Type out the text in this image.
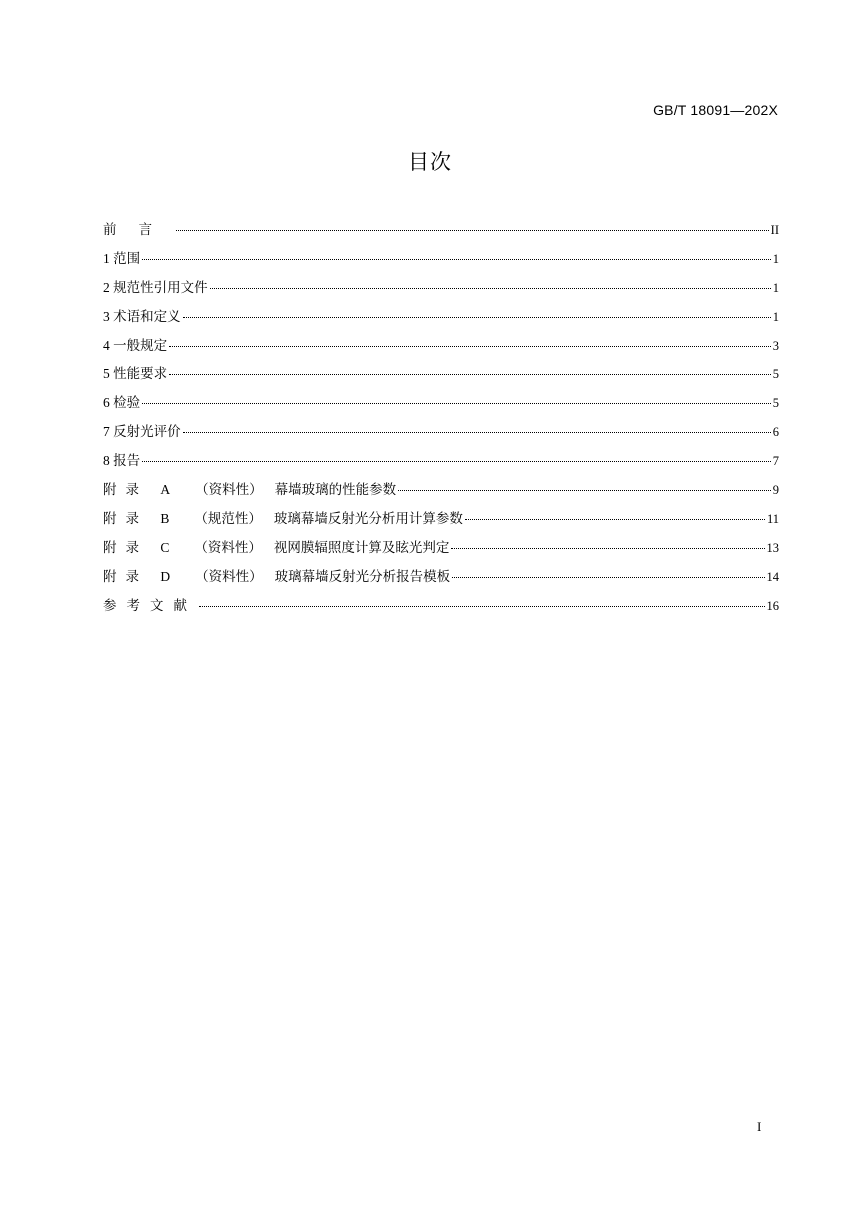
GB/T 18091—202X
目次
前言	II
1 范围	1
2 规范性引用文件	1
3 术语和定义	1
4 一般规定	3
5 性能要求	5
6 检验	5
7 反射光评价	6
8 报告	7
附录 A （资料性） 幕墙玻璃的性能参数	9
附录 B （规范性） 玻璃幕墙反射光分析用计算参数	11
附录 C （资料性） 视网膜辐照度计算及眩光判定	13
附录 D （资料性） 玻璃幕墙反射光分析报告模板	14
参考文献	16
I
